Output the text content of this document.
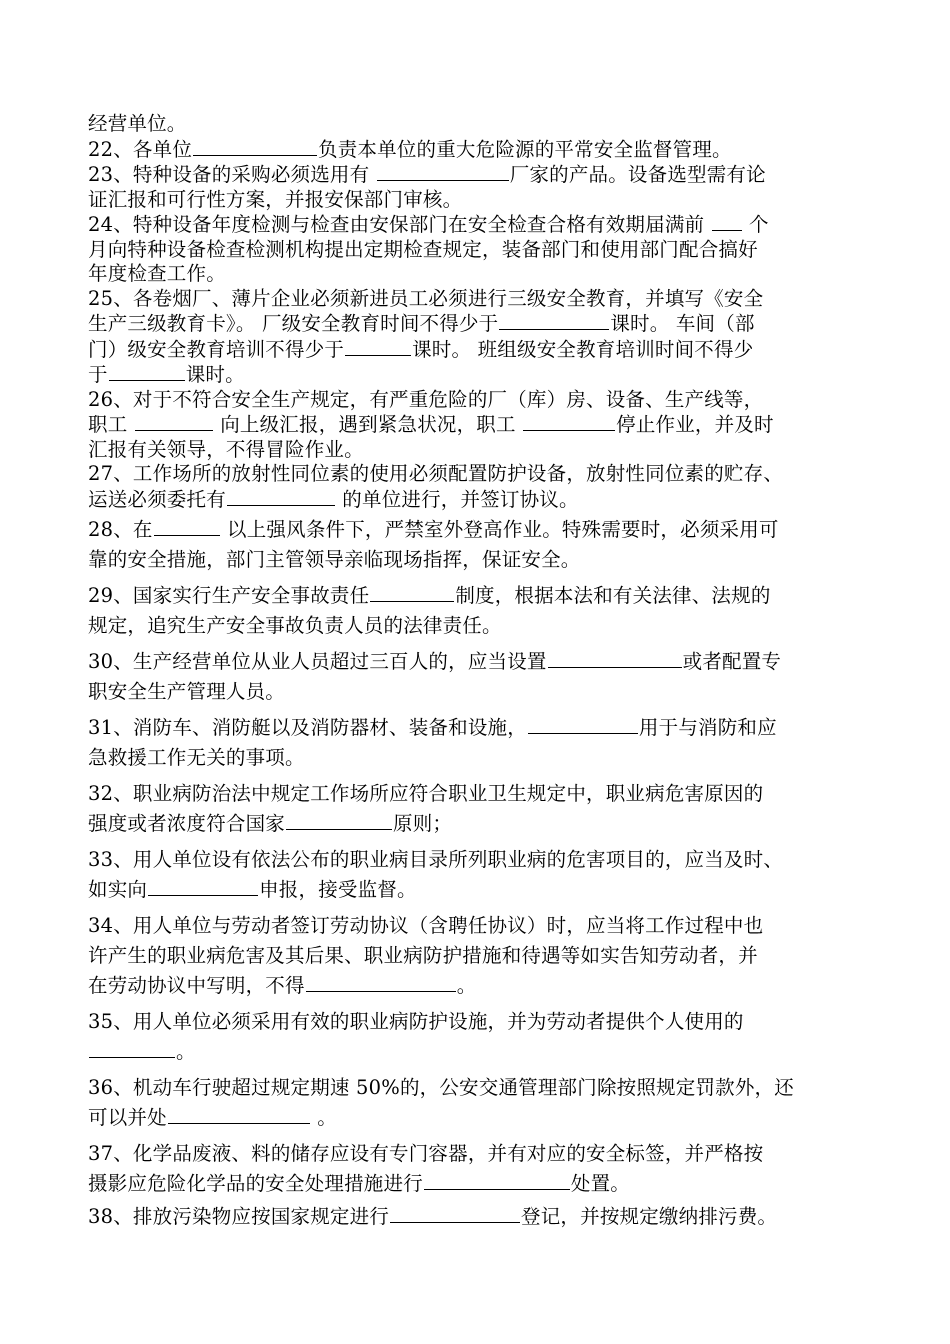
经营单位。
22、各单位	负责本单位的重大危险源的平常安全监督管理。
23、特种设备的采购必须选用有	厂家的产品。设备选型需有论
证汇报和可行性方案，并报安保部门审核。
24、特种设备年度检测与检查由安保部门在安全检查合格有效期届满前  个
月向特种设备检查检测机构提出定期检查规定，装备部门和使用部门配合搞好
年度检查工作。
25、各卷烟厂、薄片企业必须新进员工必须进行三级安全教育，并填写《安全
生产三级教育卡》。 厂级安全教育时间不得少于	课时。 车间（部
门）级安全教育培训不得少于	课时。 班组级安全教育培训时间不得少
于	课时。
26、对于不符合安全生产规定，有严重危险的厂（库）房、设备、生产线等，
职工	向上级汇报，遇到紧急状况，职工	停止作业，并及时
汇报有关领导，不得冒险作业。
27、工作场所的放射性同位素的使用必须配置防护设备，放射性同位素的贮存、
运送必须委托有	的单位进行，并签订协议。
28、在	以上强风条件下，严禁室外登高作业。特殊需要时，必须采用可
靠的安全措施，部门主管领导亲临现场指挥，保证安全。
29、国家实行生产安全事故责任	制度，根据本法和有关法律、法规的
规定，追究生产安全事故负责人员的法律责任。
30、生产经营单位从业人员超过三百人的，应当设置	或者配置专
职安全生产管理人员。
31、消防车、消防艇以及消防器材、装备和设施，	用于与消防和应
急救援工作无关的事项。
32、职业病防治法中规定工作场所应符合职业卫生规定中，职业病危害原因的
强度或者浓度符合国家	原则；
33、用人单位设有依法公布的职业病目录所列职业病的危害项目的，应当及时、
如实向	申报，接受监督。
34、用人单位与劳动者签订劳动协议（含聘任协议）时，应当将工作过程中也
许产生的职业病危害及其后果、职业病防护措施和待遇等如实告知劳动者，并
在劳动协议中写明，不得	。
35、用人单位必须采用有效的职业病防护设施，并为劳动者提供个人使用的
。
36、机动车行驶超过规定期速 50%的，公安交通管理部门除按照规定罚款外，还
可以并处	。
37、化学品废液、料的储存应设有专门容器，并有对应的安全标签，并严格按
摄影应危险化学品的安全处理措施进行	处置。
38、排放污染物应按国家规定进行	登记，并按规定缴纳排污费。
